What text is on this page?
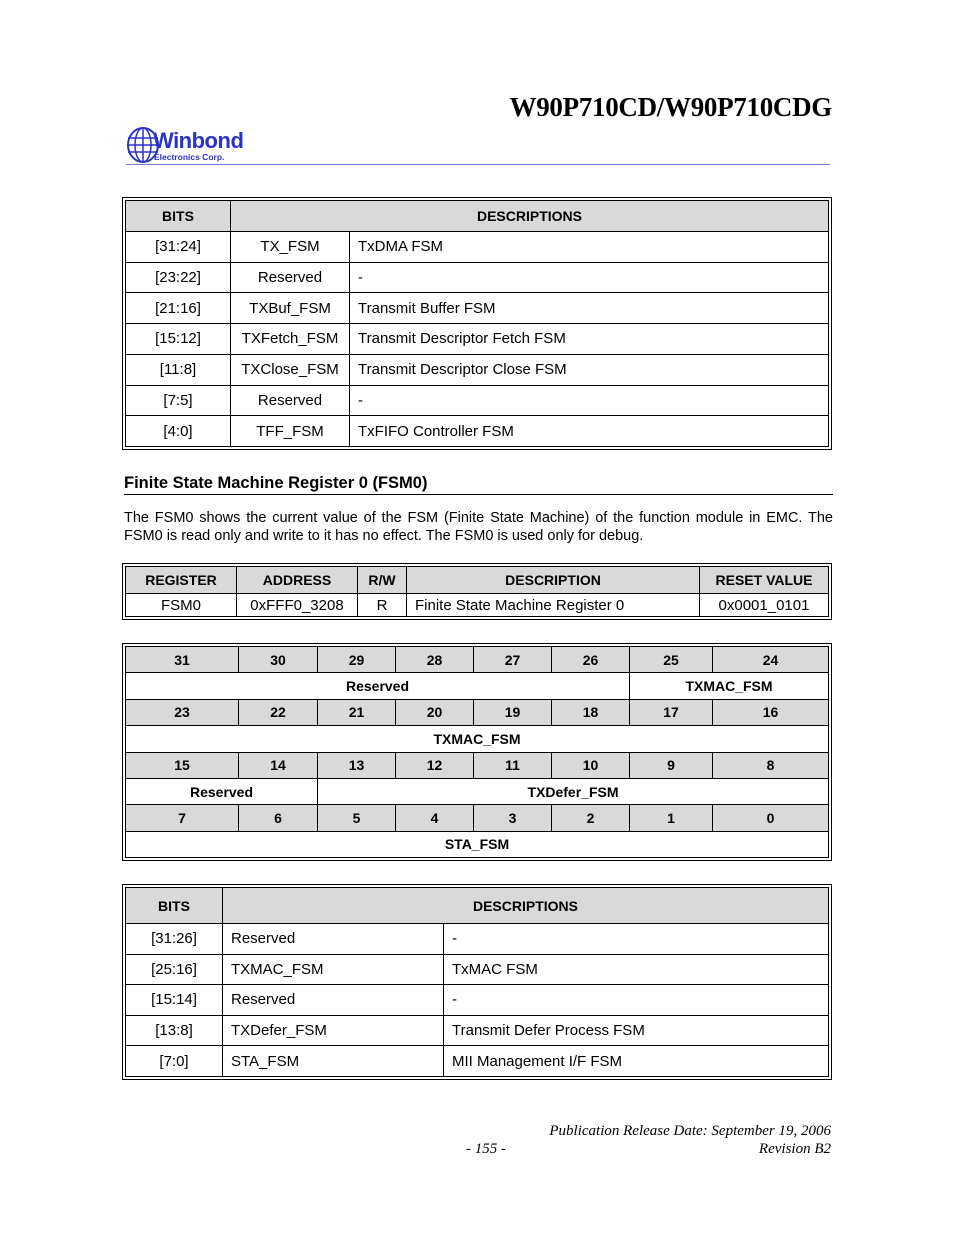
W90P710CD/W90P710CDG
Winbond
Electronics Corp.
BITS	DESCRIPTIONS	
[31:24]	TX_FSM	TxDMA FSM
[23:22]	Reserved	-
[21:16]	TXBuf_FSM	Transmit Buffer FSM
[15:12]	TXFetch_FSM	Transmit Descriptor Fetch FSM
[11:8]	TXClose_FSM	Transmit Descriptor Close FSM
[7:5]	Reserved	-
[4:0]	TFF_FSM	TxFIFO Controller FSM
Finite State Machine Register 0 (FSM0)
The FSM0 shows the current value of the FSM (Finite State Machine) of the function module in EMC. The FSM0 is read only and write to it has no effect. The FSM0 is used only for debug.
REGISTER	ADDRESS	R/W	DESCRIPTION	RESET VALUE
FSM0	0xFFF0_3208	R	Finite State Machine Register 0	0x0001_0101
31	30	29	28	27	26	25	24
Reserved						TXMAC_FSM	
23	22	21	20	19	18	17	16
TXMAC_FSM							
15	14	13	12	11	10	9	8
Reserved		TXDefer_FSM					
7	6	5	4	3	2	1	0
STA_FSM							
BITS	DESCRIPTIONS	
[31:26]	Reserved	-
[25:16]	TXMAC_FSM	TxMAC FSM
[15:14]	Reserved	-
[13:8]	TXDefer_FSM	Transmit Defer Process FSM
[7:0]	STA_FSM	MII Management I/F FSM
Publication Release Date: September 19, 2006
- 155 -	Revision B2
